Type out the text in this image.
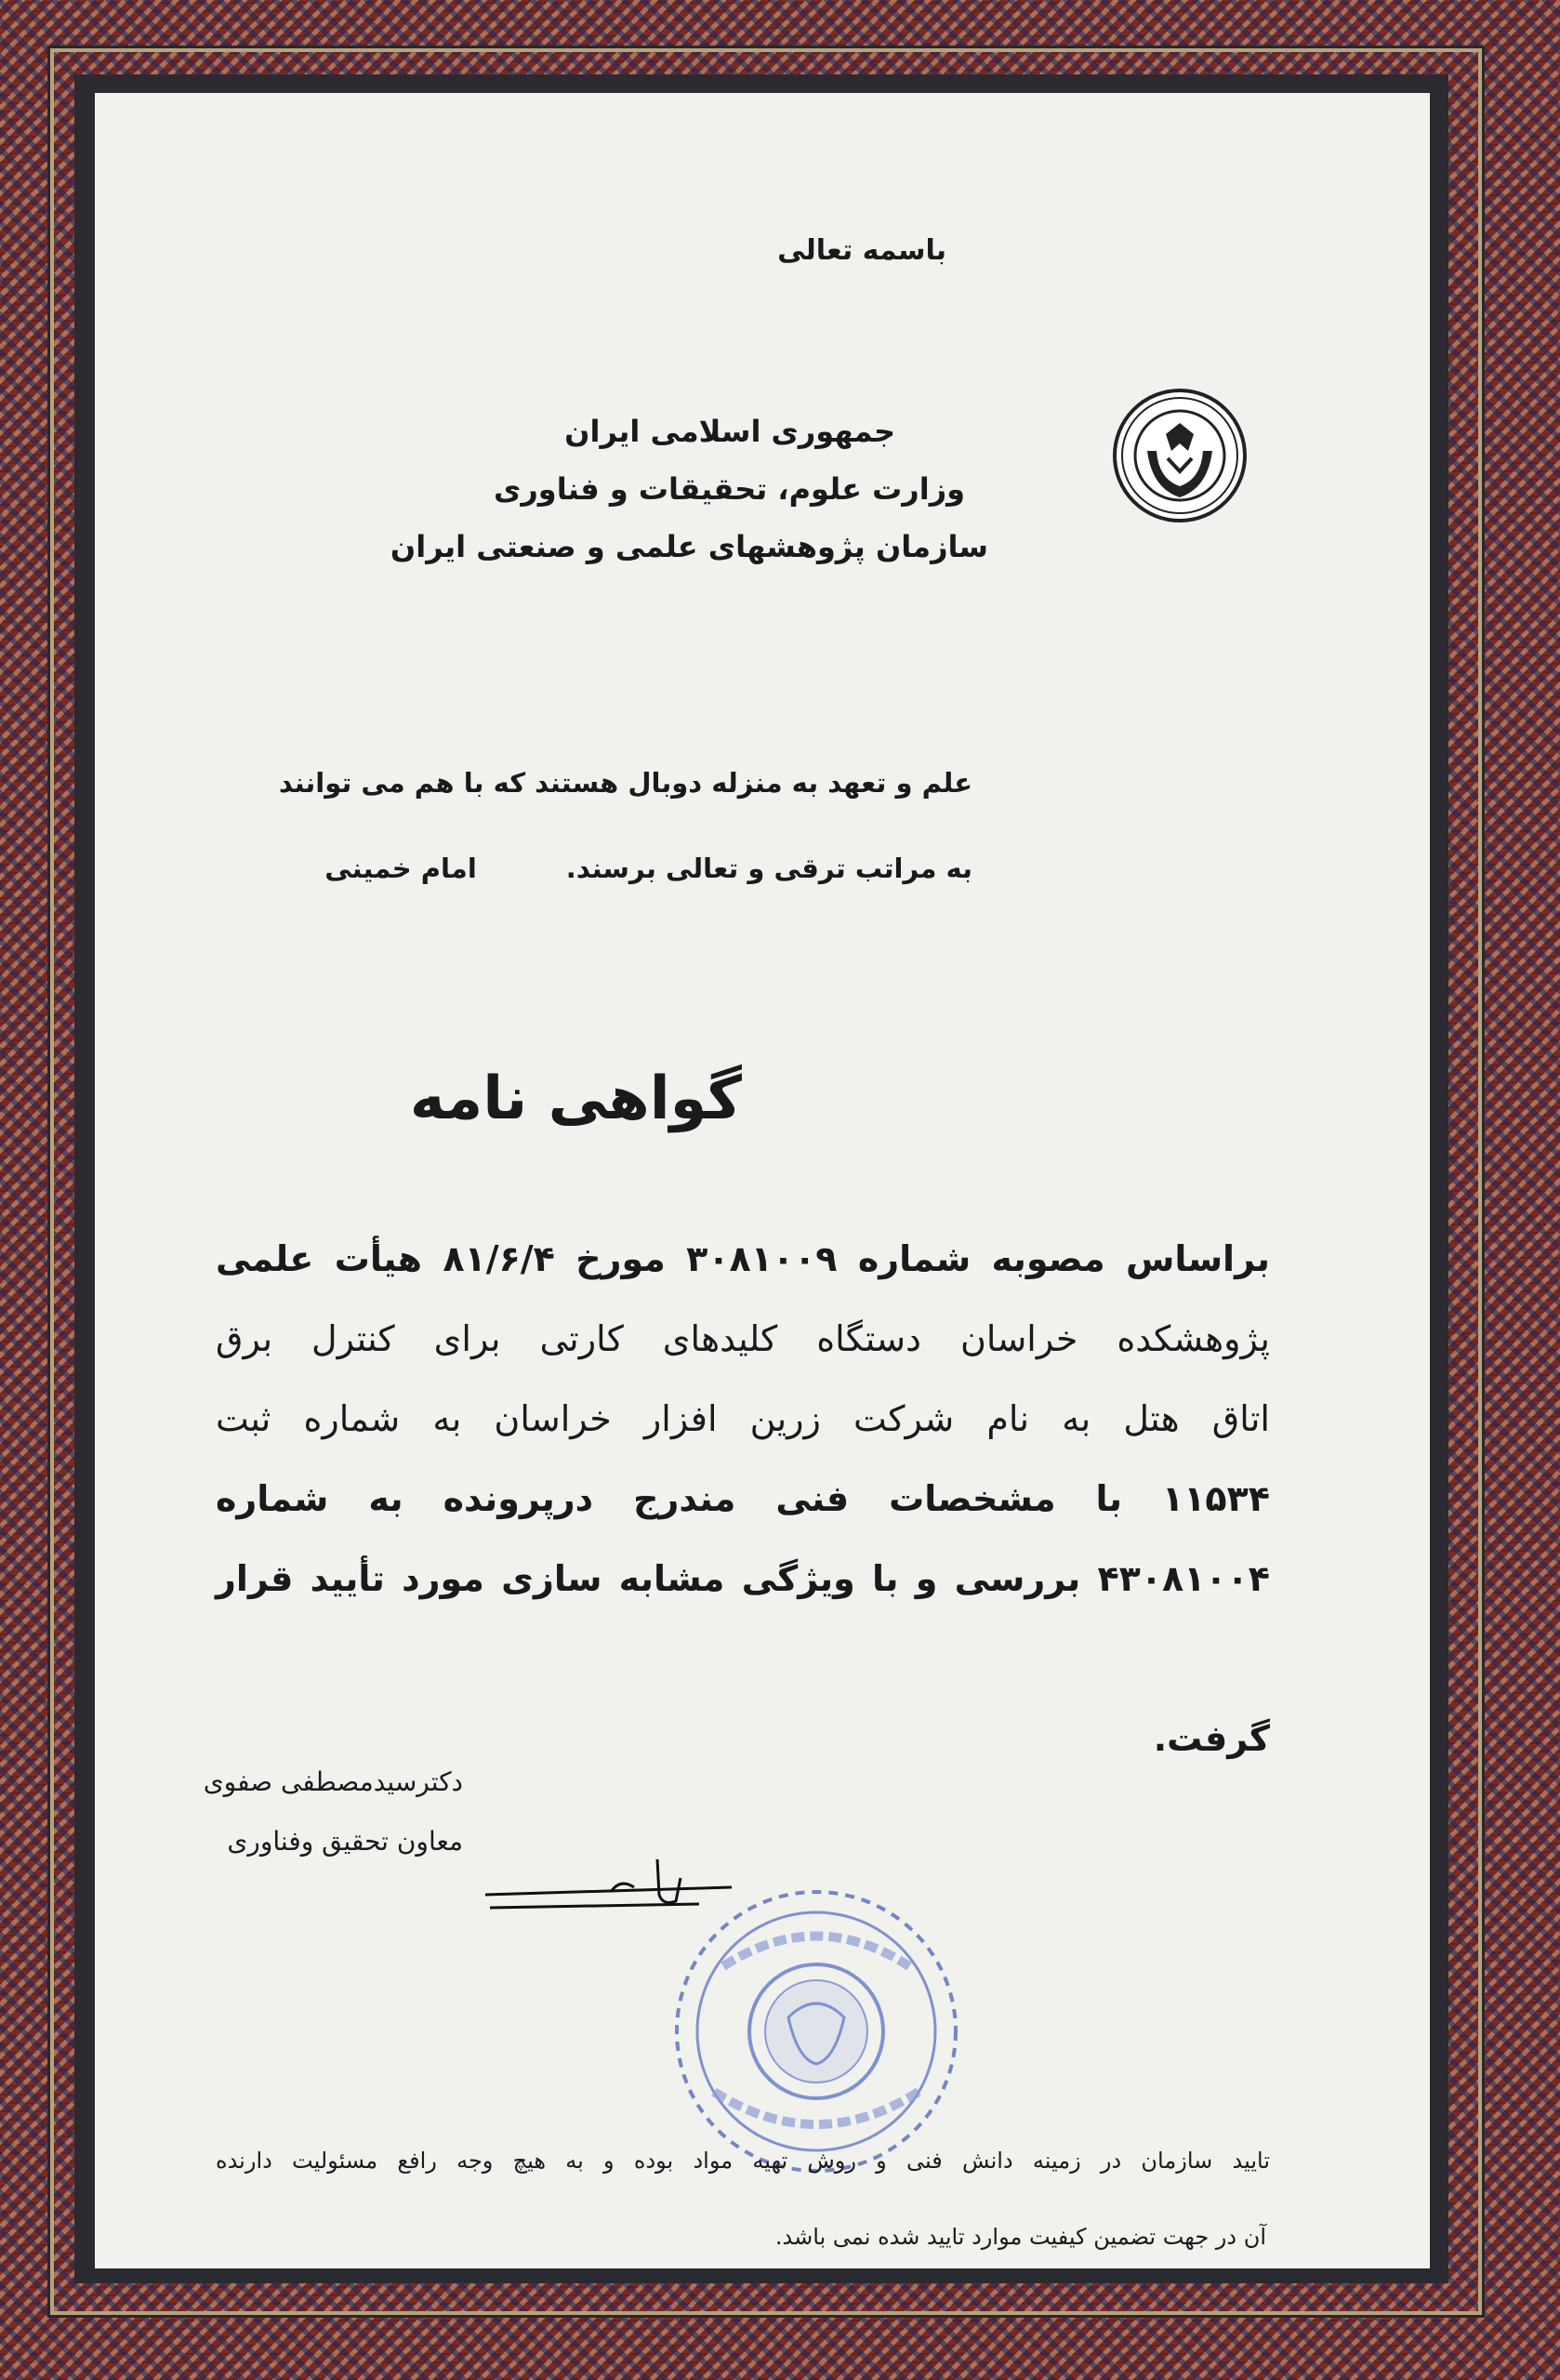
باسمه تعالی
جمهوری اسلامی ایران
وزارت علوم، تحقیقات و فناوری
سازمان پژوهشهای علمی و صنعتی ایران
علم و تعهد به منزله دوبال هستند که با هم می توانند
به مراتب ترقی و تعالی برسند.امام خمینی
گواهی نامه
براساس مصوبه شماره ۳۰۸۱۰۰۹ مورخ ۸۱/۶/۴ هیأت علمی
پژوهشکده خراسان دستگاه کلیدهای کارتی برای کنترل برق
اتاق هتل به نام شرکت زرین افزار خراسان به شماره ثبت
۱۱۵۳۴ با مشخصات فنی مندرج درپرونده به شماره
۴۳۰۸۱۰۰۴ بررسی و با ویژگی مشابه سازی مورد تأیید قرار
گرفت.
دکترسیدمصطفی صفوی
معاون تحقیق وفناوری
تایید سازمان در زمینه دانش فنی و روش تهیه مواد بوده و به هیچ وجه رافع مسئولیت دارنده
آن در جهت تضمین کیفیت موارد تایید شده نمی باشد.
